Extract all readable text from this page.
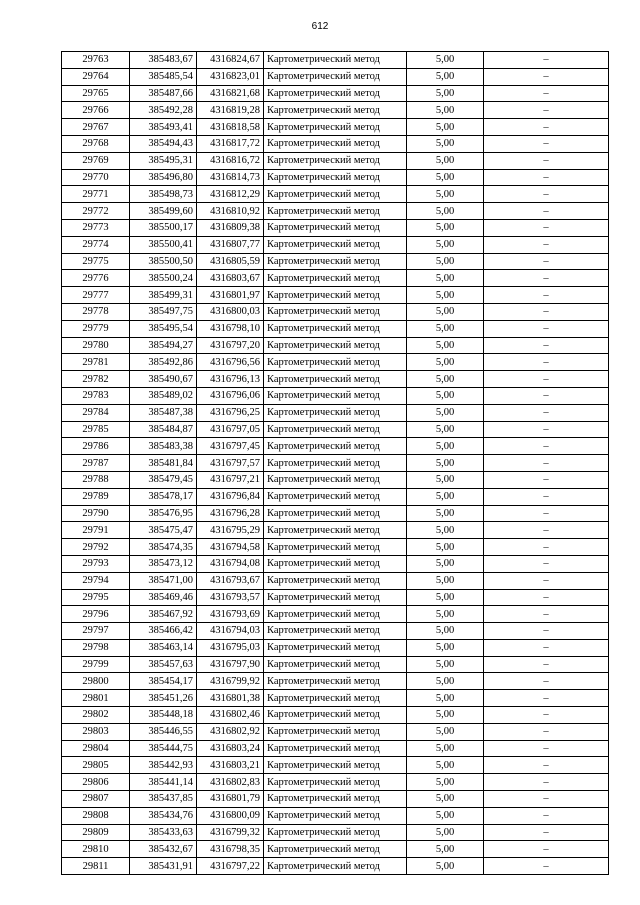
612
29763	385483,67	4316824,67	Картометрический метод	5,00	–
29764	385485,54	4316823,01	Картометрический метод	5,00	–
29765	385487,66	4316821,68	Картометрический метод	5,00	–
29766	385492,28	4316819,28	Картометрический метод	5,00	–
29767	385493,41	4316818,58	Картометрический метод	5,00	–
29768	385494,43	4316817,72	Картометрический метод	5,00	–
29769	385495,31	4316816,72	Картометрический метод	5,00	–
29770	385496,80	4316814,73	Картометрический метод	5,00	–
29771	385498,73	4316812,29	Картометрический метод	5,00	–
29772	385499,60	4316810,92	Картометрический метод	5,00	–
29773	385500,17	4316809,38	Картометрический метод	5,00	–
29774	385500,41	4316807,77	Картометрический метод	5,00	–
29775	385500,50	4316805,59	Картометрический метод	5,00	–
29776	385500,24	4316803,67	Картометрический метод	5,00	–
29777	385499,31	4316801,97	Картометрический метод	5,00	–
29778	385497,75	4316800,03	Картометрический метод	5,00	–
29779	385495,54	4316798,10	Картометрический метод	5,00	–
29780	385494,27	4316797,20	Картометрический метод	5,00	–
29781	385492,86	4316796,56	Картометрический метод	5,00	–
29782	385490,67	4316796,13	Картометрический метод	5,00	–
29783	385489,02	4316796,06	Картометрический метод	5,00	–
29784	385487,38	4316796,25	Картометрический метод	5,00	–
29785	385484,87	4316797,05	Картометрический метод	5,00	–
29786	385483,38	4316797,45	Картометрический метод	5,00	–
29787	385481,84	4316797,57	Картометрический метод	5,00	–
29788	385479,45	4316797,21	Картометрический метод	5,00	–
29789	385478,17	4316796,84	Картометрический метод	5,00	–
29790	385476,95	4316796,28	Картометрический метод	5,00	–
29791	385475,47	4316795,29	Картометрический метод	5,00	–
29792	385474,35	4316794,58	Картометрический метод	5,00	–
29793	385473,12	4316794,08	Картометрический метод	5,00	–
29794	385471,00	4316793,67	Картометрический метод	5,00	–
29795	385469,46	4316793,57	Картометрический метод	5,00	–
29796	385467,92	4316793,69	Картометрический метод	5,00	–
29797	385466,42	4316794,03	Картометрический метод	5,00	–
29798	385463,14	4316795,03	Картометрический метод	5,00	–
29799	385457,63	4316797,90	Картометрический метод	5,00	–
29800	385454,17	4316799,92	Картометрический метод	5,00	–
29801	385451,26	4316801,38	Картометрический метод	5,00	–
29802	385448,18	4316802,46	Картометрический метод	5,00	–
29803	385446,55	4316802,92	Картометрический метод	5,00	–
29804	385444,75	4316803,24	Картометрический метод	5,00	–
29805	385442,93	4316803,21	Картометрический метод	5,00	–
29806	385441,14	4316802,83	Картометрический метод	5,00	–
29807	385437,85	4316801,79	Картометрический метод	5,00	–
29808	385434,76	4316800,09	Картометрический метод	5,00	–
29809	385433,63	4316799,32	Картометрический метод	5,00	–
29810	385432,67	4316798,35	Картометрический метод	5,00	–
29811	385431,91	4316797,22	Картометрический метод	5,00	–
